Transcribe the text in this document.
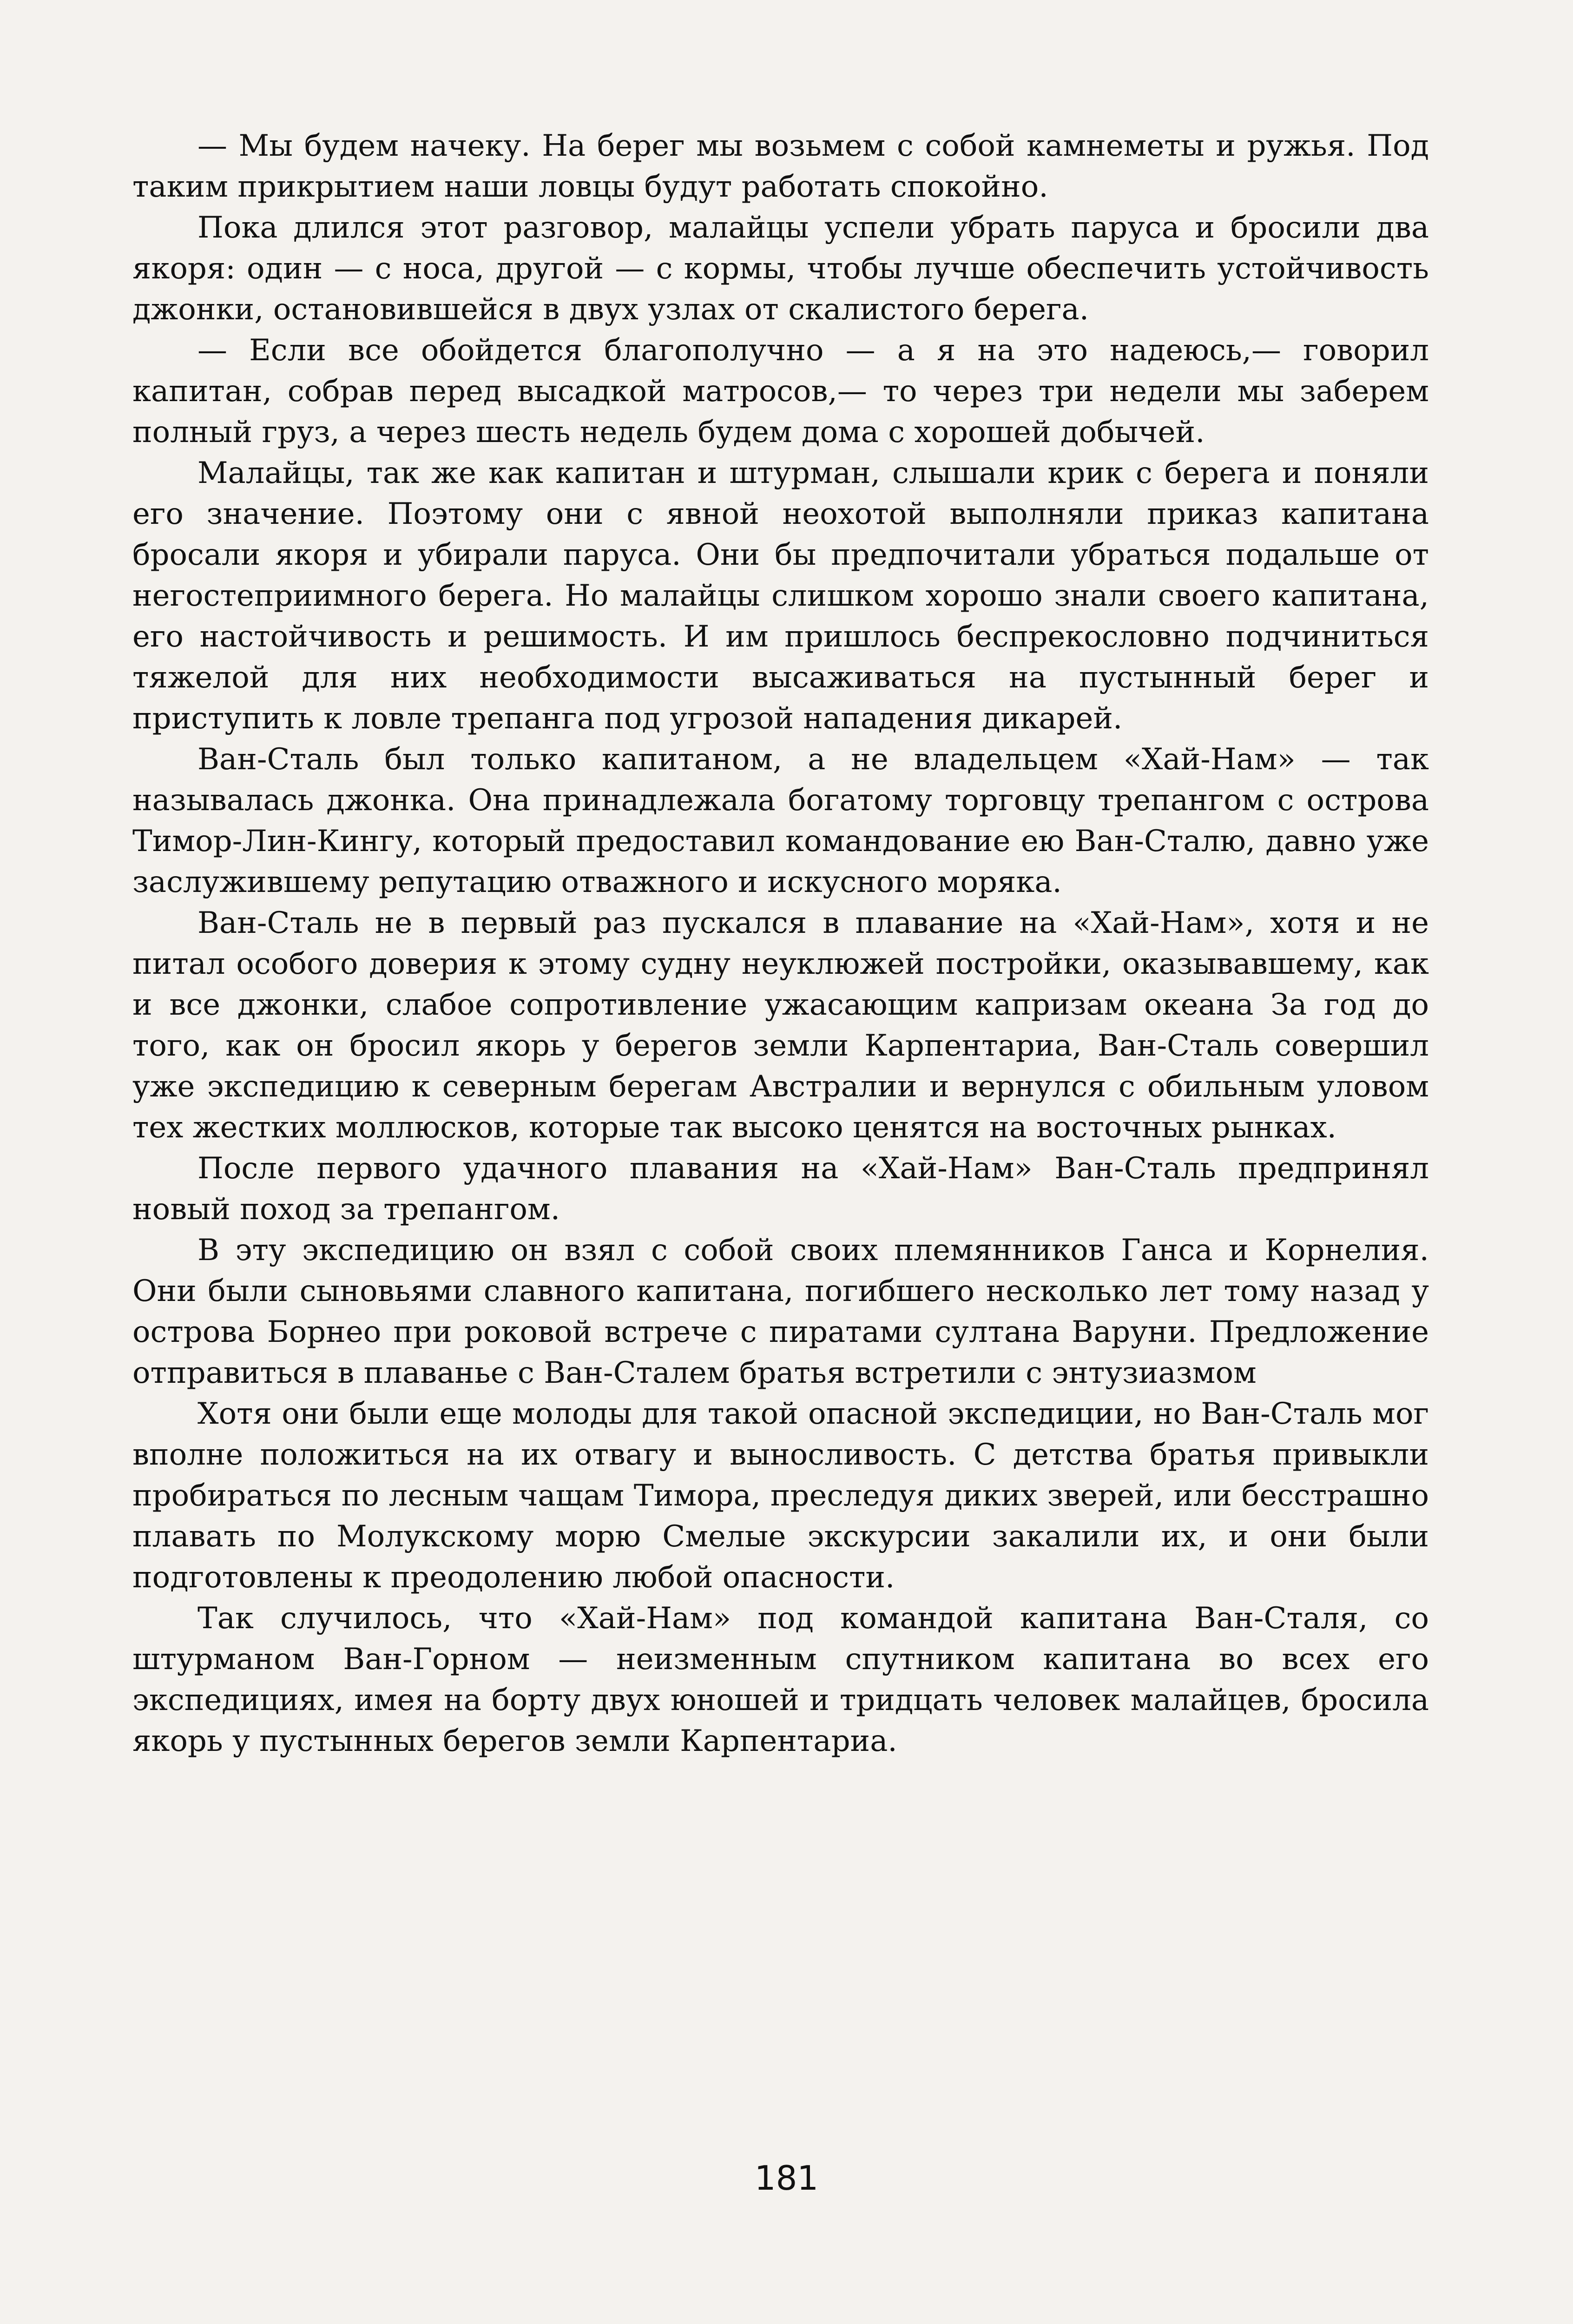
— Мы будем начеку. На берег мы возьмем с собой камнеметы и ружья. Под таким прикрытием наши ловцы будут работать спокойно.

Пока длился этот разговор, малайцы успели убрать паруса и бросили два якоря: один — с носа, другой — с кормы, чтобы лучше обеспечить устойчивость джонки, остановившейся в двух узлах от скалистого берега.

— Если все обойдется благополучно — а я на это надеюсь,— говорил капитан, собрав перед высадкой матросов,— то через три недели мы заберем полный груз, а через шесть недель будем дома с хорошей добычей.

Малайцы, так же как капитан и штурман, слышали крик с берега и поняли его значение. Поэтому они с явной неохотой выполняли приказ капитана бросали якоря и убирали паруса. Они бы предпочитали убраться подальше от негостеприимного берега. Но малайцы слишком хорошо знали своего капитана, его настойчивость и решимость. И им пришлось беспрекословно подчиниться тяжелой для них необходимости высаживаться на пустынный берег и приступить к ловле трепанга под угрозой нападения дикарей.

Ван-Сталь был только капитаном, а не владельцем «Хай-Нам» — так называлась джонка. Она принадлежала богатому торговцу трепангом с острова Тимор-Лин-Кингу, который предоставил командование ею Ван-Сталю, давно уже заслужившему репутацию отважного и искусного моряка.

Ван-Сталь не в первый раз пускался в плавание на «Хай-Нам», хотя и не питал особого доверия к этому судну неуклюжей постройки, оказывавшему, как и все джонки, слабое сопротивление ужасающим капризам океана За год до того, как он бросил якорь у берегов земли Карпентариа, Ван-Сталь совершил уже экспедицию к северным берегам Австралии и вернулся с обильным уловом тех жестких моллюсков, которые так высоко ценятся на восточных рынках.

После первого удачного плавания на «Хай-Нам» Ван-Сталь предпринял новый поход за трепангом.

В эту экспедицию он взял с собой своих племянников Ганса и Корнелия. Они были сыновьями славного капитана, погибшего несколько лет тому назад у острова Борнео при роковой встрече с пиратами султана Варуни. Предложение отправиться в плаванье с Ван-Сталем братья встретили с энтузиазмом

Хотя они были еще молоды для такой опасной экспедиции, но Ван-Сталь мог вполне положиться на их отвагу и выносливость. С детства братья привыкли пробираться по лесным чащам Тимора, преследуя диких зверей, или бесстрашно плавать по Молукскому морю Смелые экскурсии закалили их, и они были подготовлены к преодолению любой опасности.

Так случилось, что «Хай-Нам» под командой капитана Ван-Сталя, со штурманом Ван-Горном — неизменным спутником капитана во всех его экспедициях, имея на борту двух юношей и тридцать человек малайцев, бросила якорь у пустынных берегов земли Карпентариа.

181
